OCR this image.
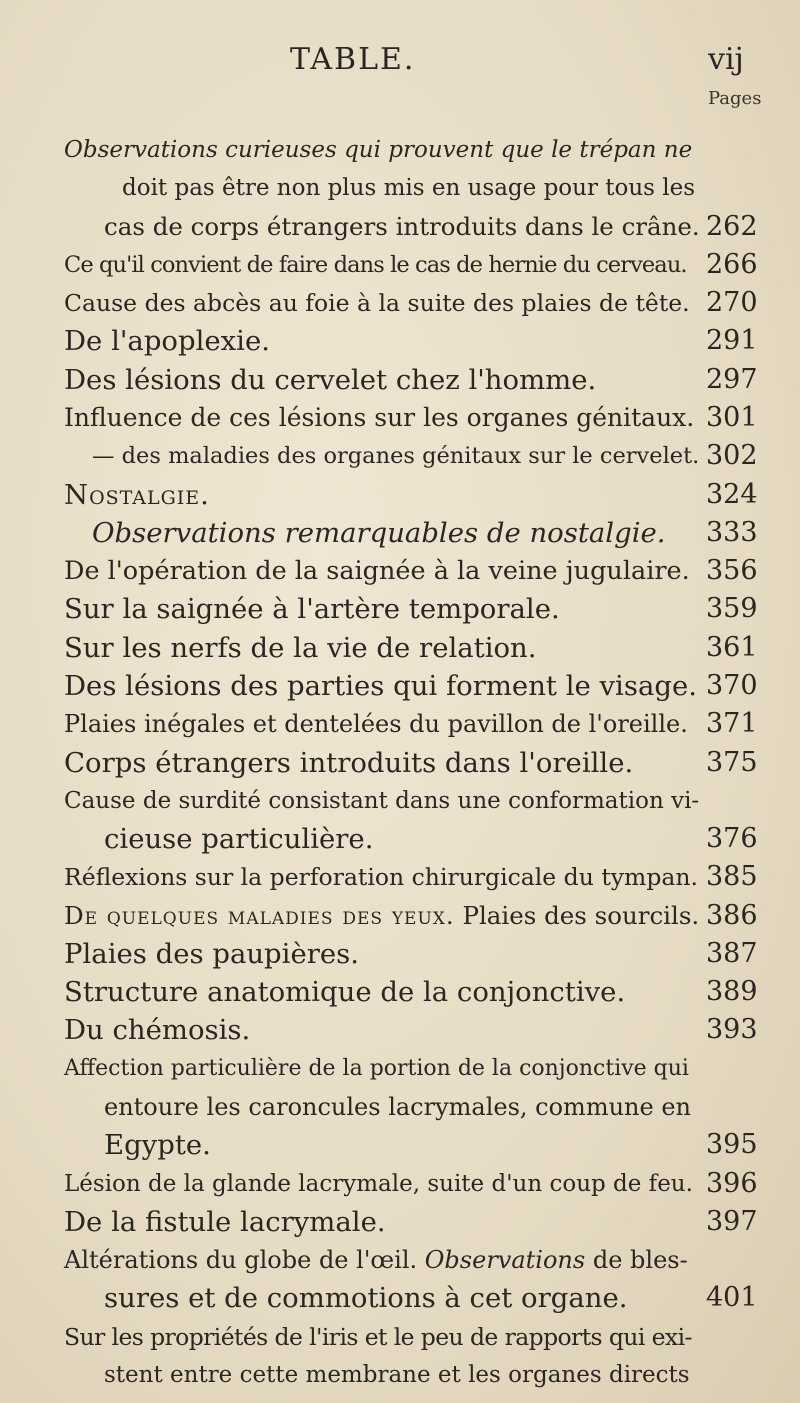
TABLE.	vij
Pages
Observations curieuses qui prouvent que le trépan ne
doit pas être non plus mis en usage pour tous les
cas de corps étrangers introduits dans le crâne. 262
Ce qu'il convient de faire dans le cas de hernie du cerveau. 266
Cause des abcès au foie à la suite des plaies de tête. 270
De l'apoplexie.	291
Des lésions du cervelet chez l'homme.	297
Influence de ces lésions sur les organes génitaux. 301
— des maladies des organes génitaux sur le cervelet. 302
Nostalgie.	324
Observations remarquables de nostalgie. 333
De l'opération de la saignée à la veine jugulaire. 356
Sur la saignée à l'artère temporale.	359
Sur les nerfs de la vie de relation.	361
Des lésions des parties qui forment le visage. 370
Plaies inégales et dentelées du pavillon de l'oreille. 371
Corps étrangers introduits dans l'oreille.	375
Cause de surdité consistant dans une conformation vi-
cieuse particulière.	376
Réflexions sur la perforation chirurgicale du tympan. 385
De quelques maladies des yeux. Plaies des sourcils. 386
Plaies des paupières.	387
Structure anatomique de la conjonctive.	389
Du chémosis.	393
Affection particulière de la portion de la conjonctive qui
entoure les caroncules lacrymales, commune en
Egypte.	395
Lésion de la glande lacrymale, suite d'un coup de feu. 396
De la fistule lacrymale.	397
Altérations du globe de l'œil. Observations de bles-
sures et de commotions à cet organe.	401
Sur les propriétés de l'iris et le peu de rapports qui exi-
stent entre cette membrane et les organes directs
